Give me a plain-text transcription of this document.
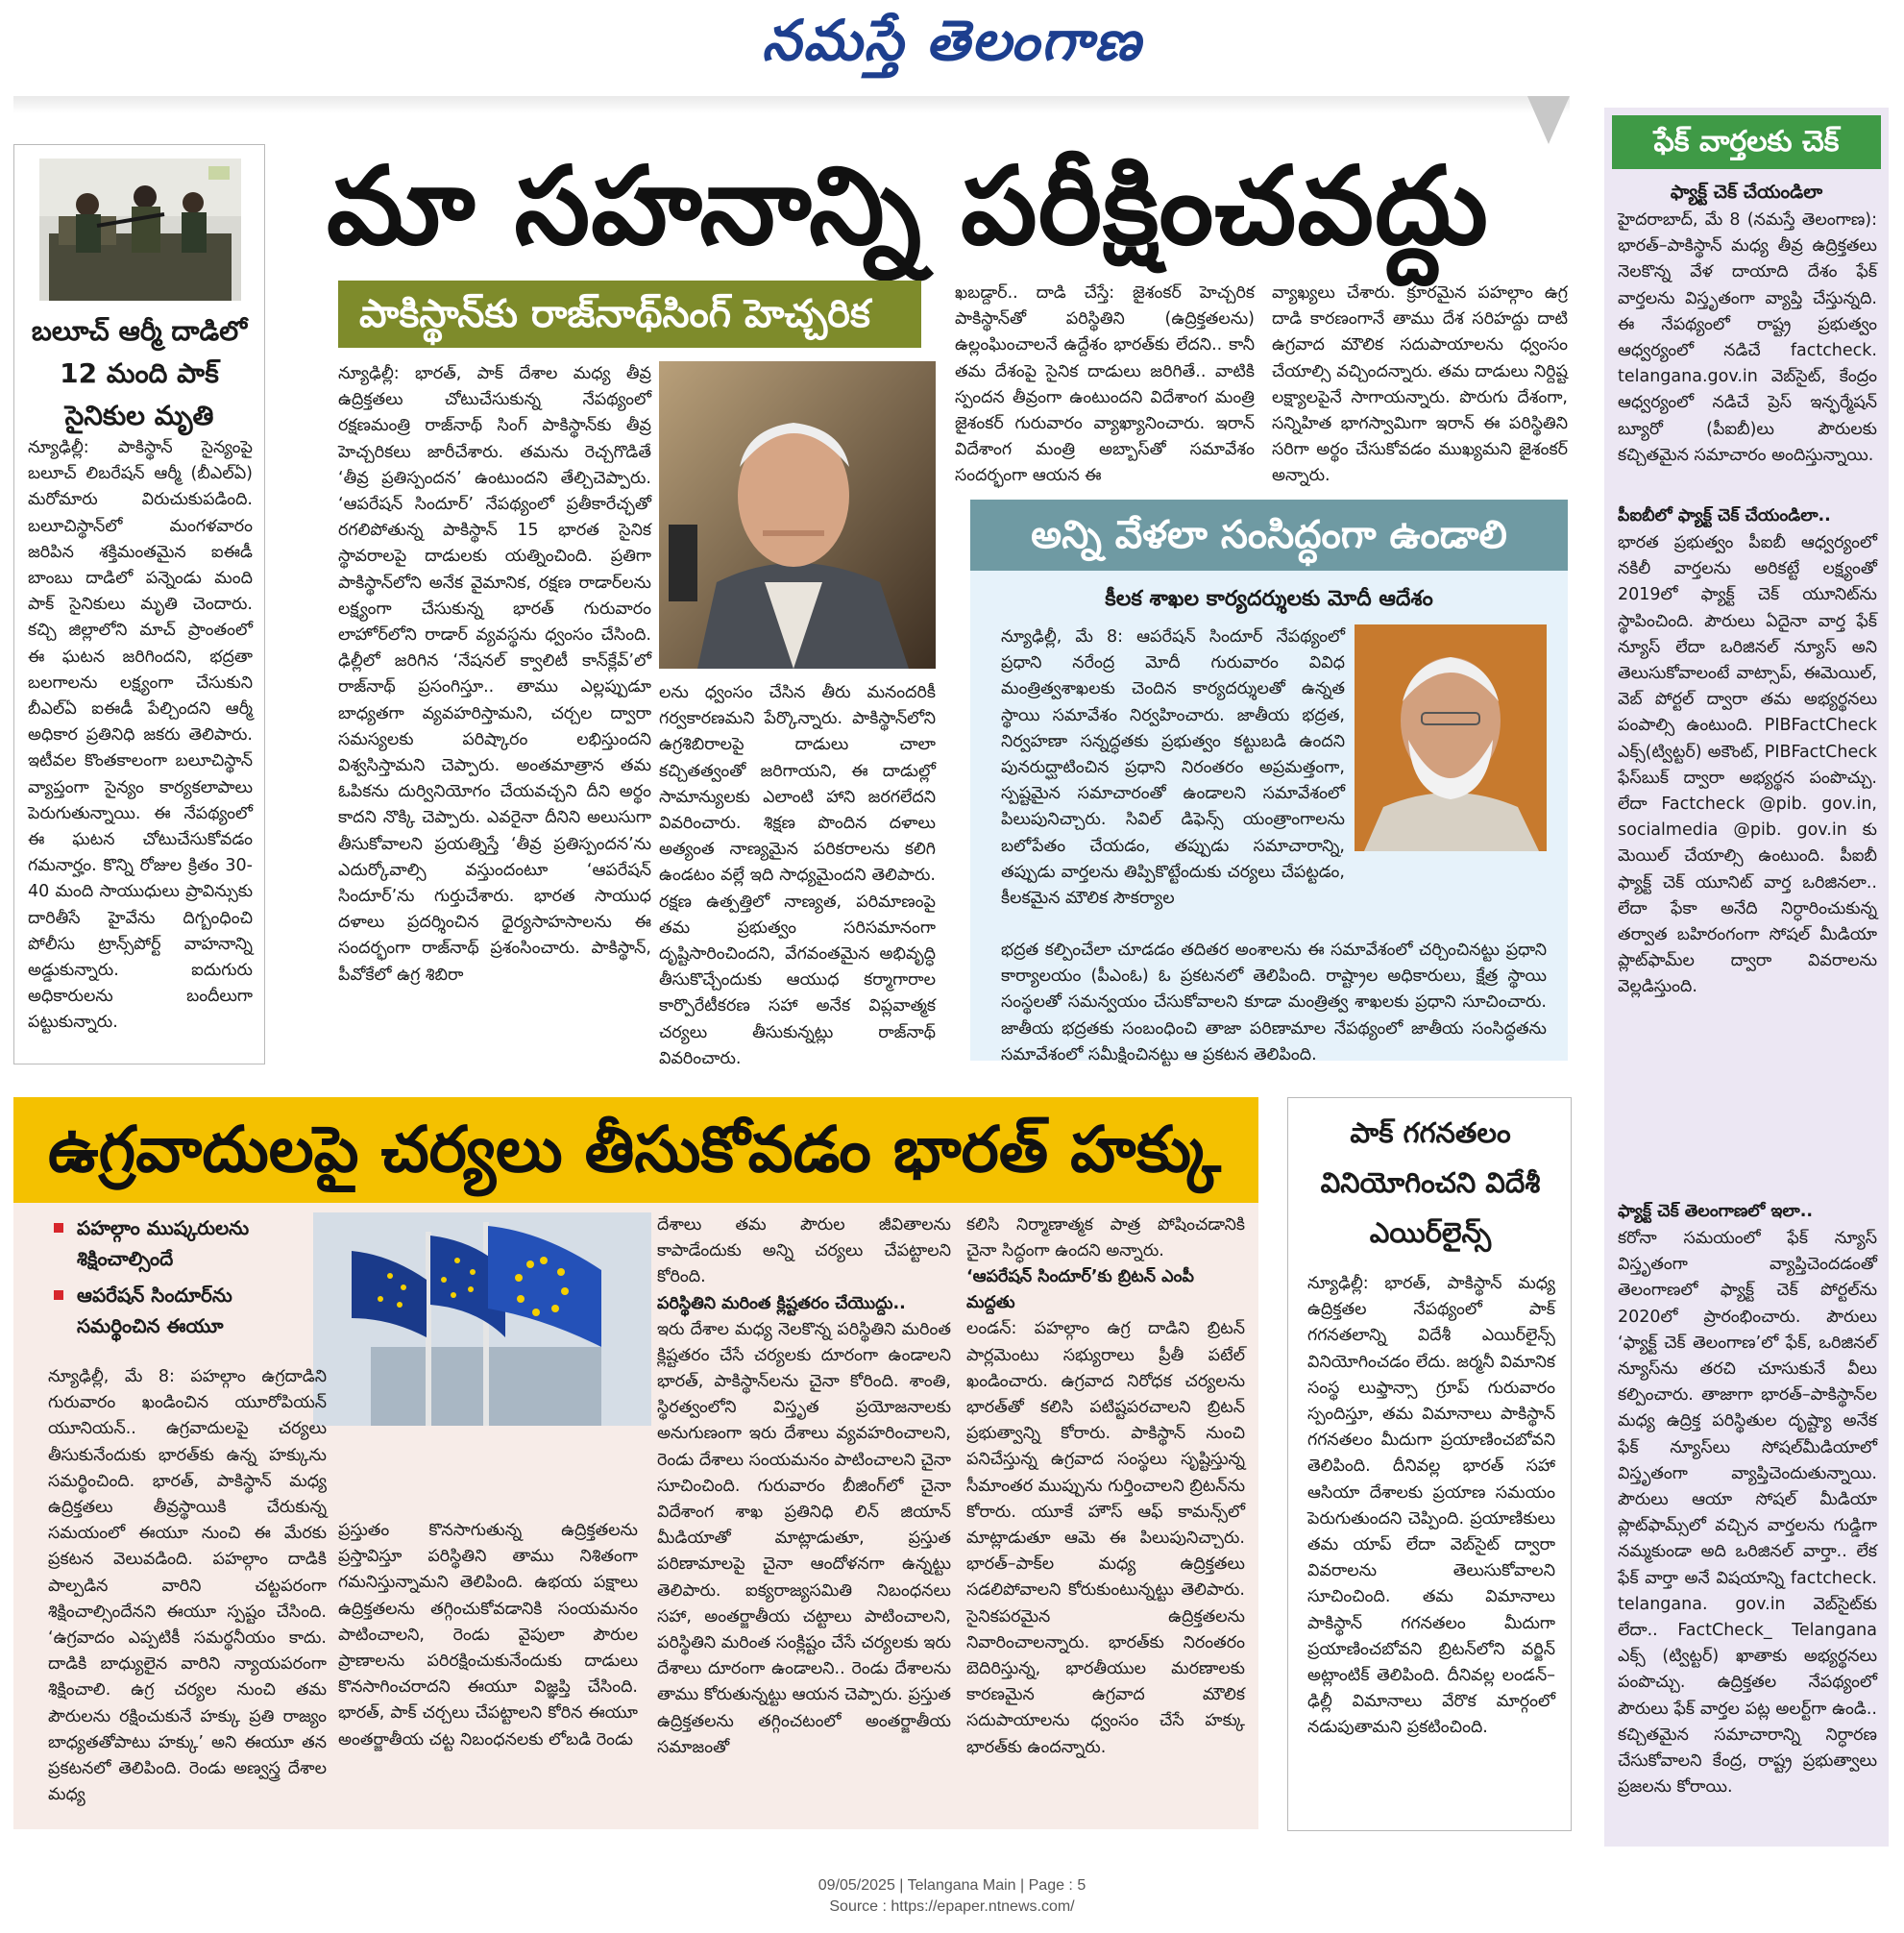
నమస్తే తెలంగాణ
మా సహనాన్ని పరీక్షించవద్దు
బలూచ్ ఆర్మీ దాడిలో 12 మంది పాక్ సైనికుల మృతి
న్యూఢిల్లీ: పాకిస్థాన్ సైన్యంపై బలూచ్ లిబరేషన్ ఆర్మీ (బీఎల్‌ఏ) మరోమారు విరుచుకుపడింది. బలూచిస్థాన్‌లో మంగళవారం జరిపిన శక్తిమంతమైన ఐఈడీ బాంబు దాడిలో పన్నెండు మంది పాక్ సైనికులు మృతి చెందారు. కచ్చి జిల్లాలోని మాచ్ ప్రాంతంలో ఈ ఘటన జరిగిందని, భద్రతా బలగాలను లక్ష్యంగా చేసుకుని బీఎల్‌ఏ ఐఈడీ పేల్చిందని ఆర్మీ అధికార ప్రతినిధి జకరు తెలిపారు. ఇటీవల కొంతకాలంగా బలూచిస్థాన్ వ్యాప్తంగా సైన్యం కార్యకలాపాలు పెరుగుతున్నాయి. ఈ నేపథ్యంలో ఈ ఘటన చోటుచేసుకోవడం గమనార్హం. కొన్ని రోజుల క్రితం 30-40 మంది సాయుధులు ప్రావిన్సుకు దారితీసే హైవేను దిగ్బంధించి పోలీసు ట్రాన్స్‌పోర్ట్ వాహనాన్ని అడ్డుకున్నారు. ఐదుగురు అధికారులను బందీలుగా పట్టుకున్నారు.
పాకిస్థాన్‌కు రాజ్‌నాథ్‌సింగ్ హెచ్చరిక
న్యూఢిల్లీ: భారత్, పాక్ దేశాల మధ్య తీవ్ర ఉద్రిక్తతలు చోటుచేసుకున్న నేపథ్యంలో రక్షణమంత్రి రాజ్‌నాథ్ సింగ్ పాకిస్థాన్‌కు తీవ్ర హెచ్చరికలు జారీచేశారు. తమను రెచ్చగొడితే ‘తీవ్ర ప్రతిస్పందన’ ఉంటుందని తేల్చిచెప్పారు. ‘ఆపరేషన్ సిందూర్’ నేపథ్యంలో ప్రతీకారేచ్ఛతో రగలిపోతున్న పాకిస్థాన్ 15 భారత సైనిక స్థావరాలపై దాడులకు యత్నించింది. ప్రతిగా పాకిస్థాన్‌లోని అనేక వైమానిక, రక్షణ రాడార్‌లను లక్ష్యంగా చేసుకున్న భారత్ గురువారం లాహోర్‌లోని రాడార్ వ్యవస్థను ధ్వంసం చేసింది. ఢిల్లీలో జరిగిన ‘నేషనల్ క్వాలిటీ కాన్‌క్లేవ్’లో రాజ్‌నాథ్ ప్రసంగిస్తూ.. తాము ఎల్లప్పుడూ బాధ్యతగా వ్యవహరిస్తామని, చర్చల ద్వారా సమస్యలకు పరిష్కారం లభిస్తుందని విశ్వసిస్తామని చెప్పారు. అంతమాత్రాన తమ ఓపికను దుర్వినియోగం చేయవచ్చని దీని అర్థం కాదని నొక్కి చెప్పారు. ఎవరైనా దీనిని అలుసుగా తీసుకోవాలని ప్రయత్నిస్తే ‘తీవ్ర ప్రతిస్పందన’ను ఎదుర్కోవాల్సి వస్తుందంటూ ‘ఆపరేషన్ సిందూర్’ను గుర్తుచేశారు. భారత సాయుధ దళాలు ప్రదర్శించిన ధైర్యసాహసాలను ఈ సందర్భంగా రాజ్‌నాథ్ ప్రశంసించారు. పాకిస్థాన్, పీవోకేలో ఉగ్ర శిబిరా
లను ధ్వంసం చేసిన తీరు మనందరికీ గర్వకారణమని పేర్కొన్నారు. పాకిస్థాన్‌లోని ఉగ్రశిబిరాలపై దాడులు చాలా కచ్చితత్వంతో జరిగాయని, ఈ దాడుల్లో సామాన్యులకు ఎలాంటి హాని జరగలేదని వివరించారు. శిక్షణ పొందిన దళాలు అత్యంత నాణ్యమైన పరికరాలను కలిగి ఉండటం వల్లే ఇది సాధ్యమైందని తెలిపారు. రక్షణ ఉత్పత్తిలో నాణ్యత, పరిమాణంపై తమ ప్రభుత్వం సరిసమానంగా దృష్టిసారించిందని, వేగవంతమైన అభివృద్ధి తీసుకొచ్చేందుకు ఆయుధ కర్మాగారాల కార్పొరేటీకరణ సహా అనేక విప్లవాత్మక చర్యలు తీసుకున్నట్లు రాజ్‌నాథ్ వివరించారు.
ఖబడ్దార్.. దాడి చేస్తే: జైశంకర్ హెచ్చరిక పాకిస్థాన్‌తో పరిస్థితిని (ఉద్రిక్తతలను) ఉల్లంఘించాలనే ఉద్దేశం భారత్‌కు లేదని.. కానీ తమ దేశంపై సైనిక దాడులు జరిగితే.. వాటికి స్పందన తీవ్రంగా ఉంటుందని విదేశాంగ మంత్రి జైశంకర్ గురువారం వ్యాఖ్యానించారు. ఇరాన్ విదేశాంగ మంత్రి అబ్బాస్‌తో సమావేశం సందర్భంగా ఆయన ఈ
వ్యాఖ్యలు చేశారు. క్రూరమైన పహల్గాం ఉగ్ర దాడి కారణంగానే తాము దేశ సరిహద్దు దాటి ఉగ్రవాద మౌలిక సదుపాయాలను ధ్వంసం చేయాల్సి వచ్చిందన్నారు. తమ దాడులు నిర్దిష్ట లక్ష్యాలపైనే సాగాయన్నారు. పొరుగు దేశంగా, సన్నిహిత భాగస్వామిగా ఇరాన్ ఈ పరిస్థితిని సరిగా అర్థం చేసుకోవడం ముఖ్యమని జైశంకర్ అన్నారు.
అన్ని వేళలా సంసిద్ధంగా ఉండాలి
కీలక శాఖల కార్యదర్శులకు మోదీ ఆదేశం
న్యూఢిల్లీ, మే 8: ఆపరేషన్ సిందూర్ నేపథ్యంలో ప్రధాని నరేంద్ర మోదీ గురువారం వివిధ మంత్రిత్వశాఖలకు చెందిన కార్యదర్శులతో ఉన్నత స్థాయి సమావేశం నిర్వహించారు. జాతీయ భద్రత, నిర్వహణా సన్నద్ధతకు ప్రభుత్వం కట్టుబడి ఉందని పునరుద్ఘాటించిన ప్రధాని నిరంతరం అప్రమత్తంగా, స్పష్టమైన సమాచారంతో ఉండాలని సమావేశంలో పిలుపునిచ్చారు. సివిల్ డిఫెన్స్ యంత్రాంగాలను బలోపేతం చేయడం, తప్పుడు సమాచారాన్ని, తప్పుడు వార్తలను తిప్పికొట్టేందుకు చర్యలు చేపట్టడం, కీలకమైన మౌలిక సౌకర్యాల
భద్రత కల్పించేలా చూడడం తదితర అంశాలను ఈ సమావేశంలో చర్చించినట్టు ప్రధాని కార్యాలయం (పీఎంఓ) ఓ ప్రకటనలో తెలిపింది. రాష్ట్రాల అధికారులు, క్షేత్ర స్థాయి సంస్థలతో సమన్వయం చేసుకోవాలని కూడా మంత్రిత్వ శాఖలకు ప్రధాని సూచించారు. జాతీయ భద్రతకు సంబంధించి తాజా పరిణామాల నేపథ్యంలో జాతీయ సంసిద్ధతను సమావేశంలో సమీక్షించినట్టు ఆ ప్రకటన తెలిపింది.
ఫేక్ వార్తలకు చెక్
ఫ్యాక్ట్ చెక్ చేయండిలా
హైదరాబాద్, మే 8 (నమస్తే తెలంగాణ): భారత్–పాకిస్థాన్ మధ్య తీవ్ర ఉద్రిక్తతలు నెలకొన్న వేళ దాయాది దేశం ఫేక్ వార్తలను విస్తృతంగా వ్యాప్తి చేస్తున్నది. ఈ నేపథ్యంలో రాష్ట్ర ప్రభుత్వం ఆధ్వర్యంలో నడిచే factcheck. telangana.gov.in వెబ్‌సైట్, కేంద్రం ఆధ్వర్యంలో నడిచే ప్రెస్ ఇన్ఫర్మేషన్ బ్యూరో (పీఐబీ)లు పౌరులకు కచ్చితమైన సమాచారం అందిస్తున్నాయి.
పీఐబీలో ఫ్యాక్ట్ చెక్ చేయండిలా..
భారత ప్రభుత్వం పీఐబీ ఆధ్వర్యంలో నకిలీ వార్తలను అరికట్టే లక్ష్యంతో 2019లో ఫ్యాక్ట్ చెక్ యూనిట్‌ను స్థాపించింది. పౌరులు ఏదైనా వార్త ఫేక్ న్యూస్ లేదా ఒరిజినల్ న్యూస్ అని తెలుసుకోవాలంటే వాట్సాప్, ఈమెయిల్, వెబ్ పోర్టల్ ద్వారా తమ అభ్యర్థనలు పంపాల్సి ఉంటుంది. PIBFactCheck ఎక్స్(ట్విట్టర్) అకౌంట్, PIBFactCheck ఫేస్‌బుక్ ద్వారా అభ్యర్థన పంపొచ్చు. లేదా Factcheck @pib. gov.in, socialmedia @pib. gov.in కు మెయిల్ చేయాల్సి ఉంటుంది. పీఐబీ ఫ్యాక్ట్ చెక్ యూనిట్ వార్త ఒరిజినలా.. లేదా ఫేకా అనేది నిర్ధారించుకున్న తర్వాత బహిరంగంగా సోషల్ మీడియా ప్లాట్‌ఫామ్‌ల ద్వారా వివరాలను వెల్లడిస్తుంది.
ఫ్యాక్ట్ చెక్ తెలంగాణలో ఇలా..
కరోనా సమయంలో ఫేక్ న్యూస్ విస్తృతంగా వ్యాప్తిచెందడంతో తెలంగాణలో ఫ్యాక్ట్ చెక్ పోర్టల్‌ను 2020లో ప్రారంభించారు. పౌరులు ‘ఫ్యాక్ట్ చెక్ తెలంగాణ’లో ఫేక్, ఒరిజినల్ న్యూస్‌ను తరచి చూసుకునే వీలు కల్పించారు. తాజాగా భారత్–పాకిస్థాన్‌ల మధ్య ఉద్రిక్త పరిస్థితుల దృష్ట్యా అనేక ఫేక్ న్యూస్‌లు సోషల్‌మీడియాలో విస్తృతంగా వ్యాప్తిచెందుతున్నాయి. పౌరులు ఆయా సోషల్ మీడియా ప్లాట్‌ఫామ్స్‌లో వచ్చిన వార్తలను గుడ్డిగా నమ్మకుండా అది ఒరిజినల్ వార్తా.. లేక ఫేక్ వార్తా అనే విషయాన్ని factcheck. telangana. gov.in వెబ్‌సైట్‌కు లేదా.. FactCheck_ Telangana ఎక్స్ (ట్విట్టర్) ఖాతాకు అభ్యర్థనలు పంపొచ్చు. ఉద్రిక్తతల నేపథ్యంలో పౌరులు ఫేక్ వార్తల పట్ల అలర్ట్‌గా ఉండి.. కచ్చితమైన సమాచారాన్ని నిర్ధారణ చేసుకోవాలని కేంద్ర, రాష్ట్ర ప్రభుత్వాలు ప్రజలను కోరాయి.
ఉగ్రవాదులపై చర్యలు తీసుకోవడం భారత్ హక్కు
పహల్గాం ముష్కరులను శిక్షించాల్సిందే
ఆపరేషన్ సిందూర్‌ను సమర్థించిన ఈయూ
న్యూఢిల్లీ, మే 8: పహల్గాం ఉగ్రదాడిని గురువారం ఖండించిన యూరోపియన్ యూనియన్.. ఉగ్రవాదులపై చర్యలు తీసుకునేందుకు భారత్‌కు ఉన్న హక్కును సమర్థించింది. భారత్, పాకిస్థాన్ మధ్య ఉద్రిక్తతలు తీవ్రస్థాయికి చేరుకున్న సమయంలో ఈయూ నుంచి ఈ మేరకు ప్రకటన వెలువడింది. పహల్గాం దాడికి పాల్పడిన వారిని చట్టపరంగా శిక్షించాల్సిందేనని ఈయూ స్పష్టం చేసింది. ‘ఉగ్రవాదం ఎప్పటికీ సమర్థనీయం కాదు. దాడికి బాధ్యులైన వారిని న్యాయపరంగా శిక్షించాలి. ఉగ్ర చర్యల నుంచి తమ పౌరులను రక్షించుకునే హక్కు ప్రతి రాజ్యం బాధ్యతతోపాటు హక్కు’ అని ఈయూ తన ప్రకటనలో తెలిపింది. రెండు అణ్వస్త్ర దేశాల మధ్య
ప్రస్తుతం కొనసాగుతున్న ఉద్రిక్తతలను ప్రస్తావిస్తూ పరిస్థితిని తాము నిశితంగా గమనిస్తున్నామని తెలిపింది. ఉభయ పక్షాలు ఉద్రిక్తతలను తగ్గించుకోవడానికి సంయమనం పాటించాలని, రెండు వైపులా పౌరుల ప్రాణాలను పరిరక్షించుకునేందుకు దాడులు కొనసాగించరాదని ఈయూ విజ్ఞప్తి చేసింది. భారత్, పాక్ చర్చలు చేపట్టాలని కోరిన ఈయూ అంతర్జాతీయ చట్ట నిబంధనలకు లోబడి రెండు
దేశాలు తమ పౌరుల జీవితాలను కాపాడేందుకు అన్ని చర్యలు చేపట్టాలని కోరింది.
పరిస్థితిని మరింత క్లిష్టతరం చేయొద్దు..
ఇరు దేశాల మధ్య నెలకొన్న పరిస్థితిని మరింత క్లిష్టతరం చేసే చర్యలకు దూరంగా ఉండాలని భారత్, పాకిస్థాన్‌లను చైనా కోరింది. శాంతి, స్థిరత్వంలోని విస్తృత ప్రయోజనాలకు అనుగుణంగా ఇరు దేశాలు వ్యవహరించాలని, రెండు దేశాలు సంయమనం పాటించాలని చైనా సూచించింది. గురువారం బీజింగ్‌లో చైనా విదేశాంగ శాఖ ప్రతినిధి లిన్ జియాన్ మీడియాతో మాట్లాడుతూ, ప్రస్తుత పరిణామాలపై చైనా ఆందోళనగా ఉన్నట్టు తెలిపారు. ఐక్యరాజ్యసమితి నిబంధనలు సహా, అంతర్జాతీయ చట్టాలు పాటించాలని, పరిస్థితిని మరింత సంక్లిష్టం చేసే చర్యలకు ఇరు దేశాలు దూరంగా ఉండాలని.. రెండు దేశాలను తాము కోరుతున్నట్టు ఆయన చెప్పారు. ప్రస్తుత ఉద్రిక్తతలను తగ్గించటంలో అంతర్జాతీయ సమాజంతో
కలిసి నిర్మాణాత్మక పాత్ర పోషించడానికి చైనా సిద్ధంగా ఉందని అన్నారు.
‘ఆపరేషన్ సిందూర్’కు బ్రిటన్ ఎంపీ మద్దతు
లండన్: పహల్గాం ఉగ్ర దాడిని బ్రిటన్ పార్లమెంటు సభ్యురాలు ప్రీతీ పటేల్ ఖండించారు. ఉగ్రవాద నిరోధక చర్యలను భారత్‌తో కలిసి పటిష్టపరచాలని బ్రిటన్ ప్రభుత్వాన్ని కోరారు. పాకిస్థాన్ నుంచి పనిచేస్తున్న ఉగ్రవాద సంస్థలు సృష్టిస్తున్న సీమాంతర ముప్పును గుర్తించాలని బ్రిటన్‌ను కోరారు. యూకే హౌస్ ఆఫ్ కామన్స్‌లో మాట్లాడుతూ ఆమె ఈ పిలుపునిచ్చారు. భారత్–పాక్‌ల మధ్య ఉద్రిక్తతలు సడలిపోవాలని కోరుకుంటున్నట్టు తెలిపారు. సైనికపరమైన ఉద్రిక్తతలను నివారించాలన్నారు. భారత్‌కు నిరంతరం బెదిరిస్తున్న, భారతీయుల మరణాలకు కారణమైన ఉగ్రవాద మౌలిక సదుపాయాలను ధ్వంసం చేసే హక్కు భారత్‌కు ఉందన్నారు.
పాక్ గగనతలం వినియోగించని విదేశీ ఎయిర్‌లైన్స్
న్యూఢిల్లీ: భారత్, పాకిస్థాన్ మధ్య ఉద్రిక్తతల నేపథ్యంలో పాక్ గగనతలాన్ని విదేశీ ఎయిర్‌లైన్స్ వినియోగించడం లేదు. జర్మనీ విమానిక సంస్థ లుఫ్తాన్సా గ్రూప్ గురువారం స్పందిస్తూ, తమ విమానాలు పాకిస్థాన్ గగనతలం మీదుగా ప్రయాణించబోవని తెలిపింది. దీనివల్ల భారత్ సహా ఆసియా దేశాలకు ప్రయాణ సమయం పెరుగుతుందని చెప్పింది. ప్రయాణికులు తమ యాప్ లేదా వెబ్‌సైట్ ద్వారా వివరాలను తెలుసుకోవాలని సూచించింది. తమ విమానాలు పాకిస్థాన్ గగనతలం మీదుగా ప్రయాణించబోవని బ్రిటన్‌లోని వర్జిన్ అట్లాంటిక్ తెలిపింది. దీనివల్ల లండన్–ఢిల్లీ విమానాలు వేరొక మార్గంలో నడుపుతామని ప్రకటించింది.
09/05/2025 | Telangana Main | Page : 5
Source : https://epaper.ntnews.com/
